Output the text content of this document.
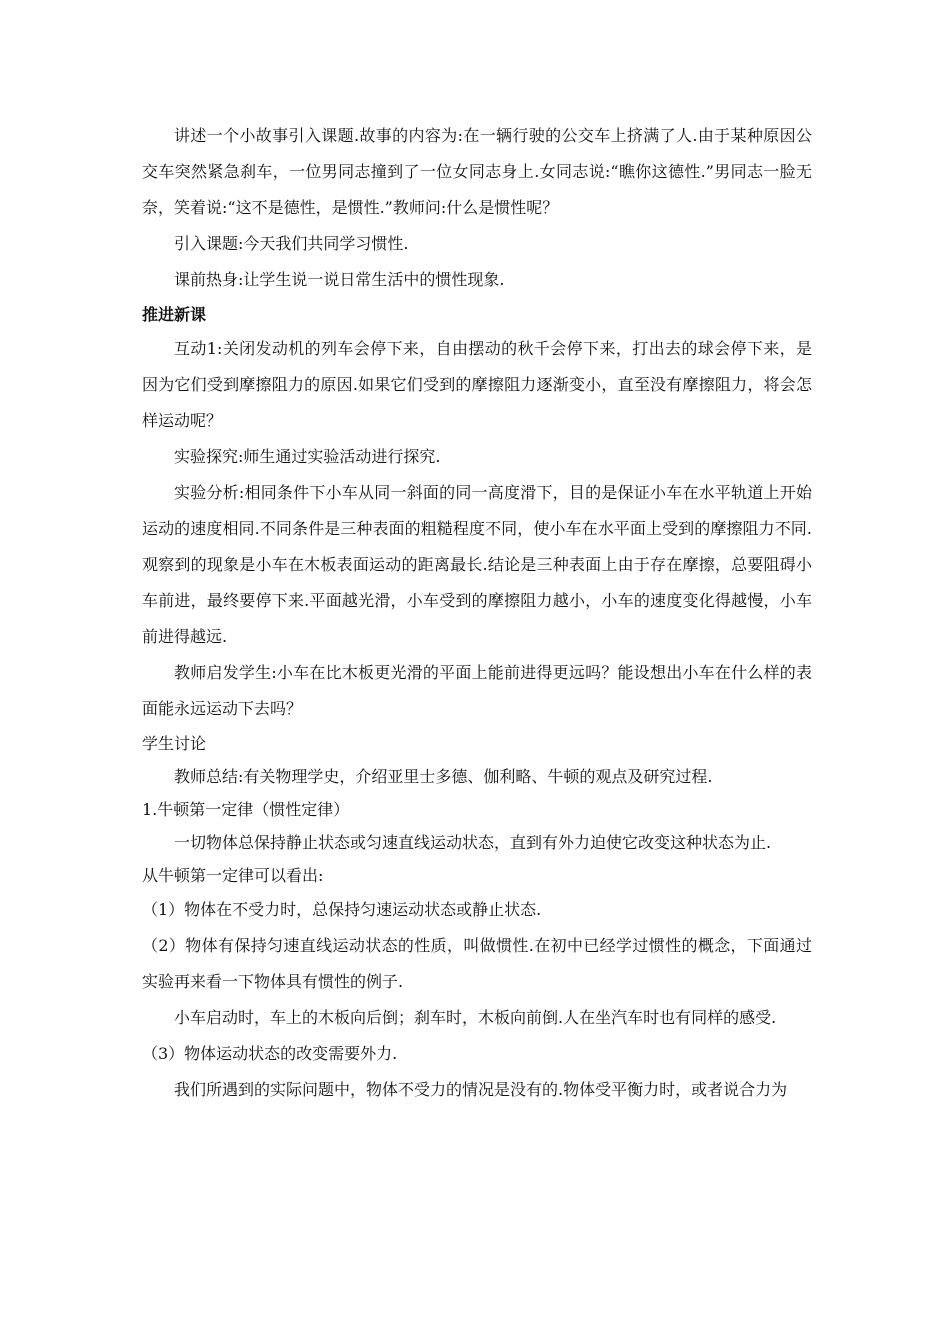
讲述一个小故事引入课题.故事的内容为:在一辆行驶的公交车上挤满了人.由于某种原因公交车突然紧急刹车，一位男同志撞到了一位女同志身上.女同志说:“瞧你这德性.”男同志一脸无奈，笑着说:“这不是德性，是惯性.”教师问:什么是惯性呢？

引入课题:今天我们共同学习惯性.

课前热身:让学生说一说日常生活中的惯性现象.

推进新课

互动1:关闭发动机的列车会停下来，自由摆动的秋千会停下来，打出去的球会停下来，是因为它们受到摩擦阻力的原因.如果它们受到的摩擦阻力逐渐变小，直至没有摩擦阻力，将会怎样运动呢？

实验探究:师生通过实验活动进行探究.

实验分析:相同条件下小车从同一斜面的同一高度滑下，目的是保证小车在水平轨道上开始运动的速度相同.不同条件是三种表面的粗糙程度不同，使小车在水平面上受到的摩擦阻力不同.观察到的现象是小车在木板表面运动的距离最长.结论是三种表面上由于存在摩擦，总要阻碍小车前进，最终要停下来.平面越光滑，小车受到的摩擦阻力越小，小车的速度变化得越慢，小车前进得越远.

教师启发学生:小车在比木板更光滑的平面上能前进得更远吗？能设想出小车在什么样的表面能永远运动下去吗？

学生讨论

教师总结:有关物理学史，介绍亚里士多德、伽利略、牛顿的观点及研究过程.

1.牛顿第一定律（惯性定律）

一切物体总保持静止状态或匀速直线运动状态，直到有外力迫使它改变这种状态为止.

从牛顿第一定律可以看出:

（1）物体在不受力时，总保持匀速运动状态或静止状态.

（2）物体有保持匀速直线运动状态的性质，叫做惯性.在初中已经学过惯性的概念，下面通过实验再来看一下物体具有惯性的例子.

小车启动时，车上的木板向后倒；刹车时，木板向前倒.人在坐汽车时也有同样的感受.

（3）物体运动状态的改变需要外力.

我们所遇到的实际问题中，物体不受力的情况是没有的.物体受平衡力时，或者说合力为
